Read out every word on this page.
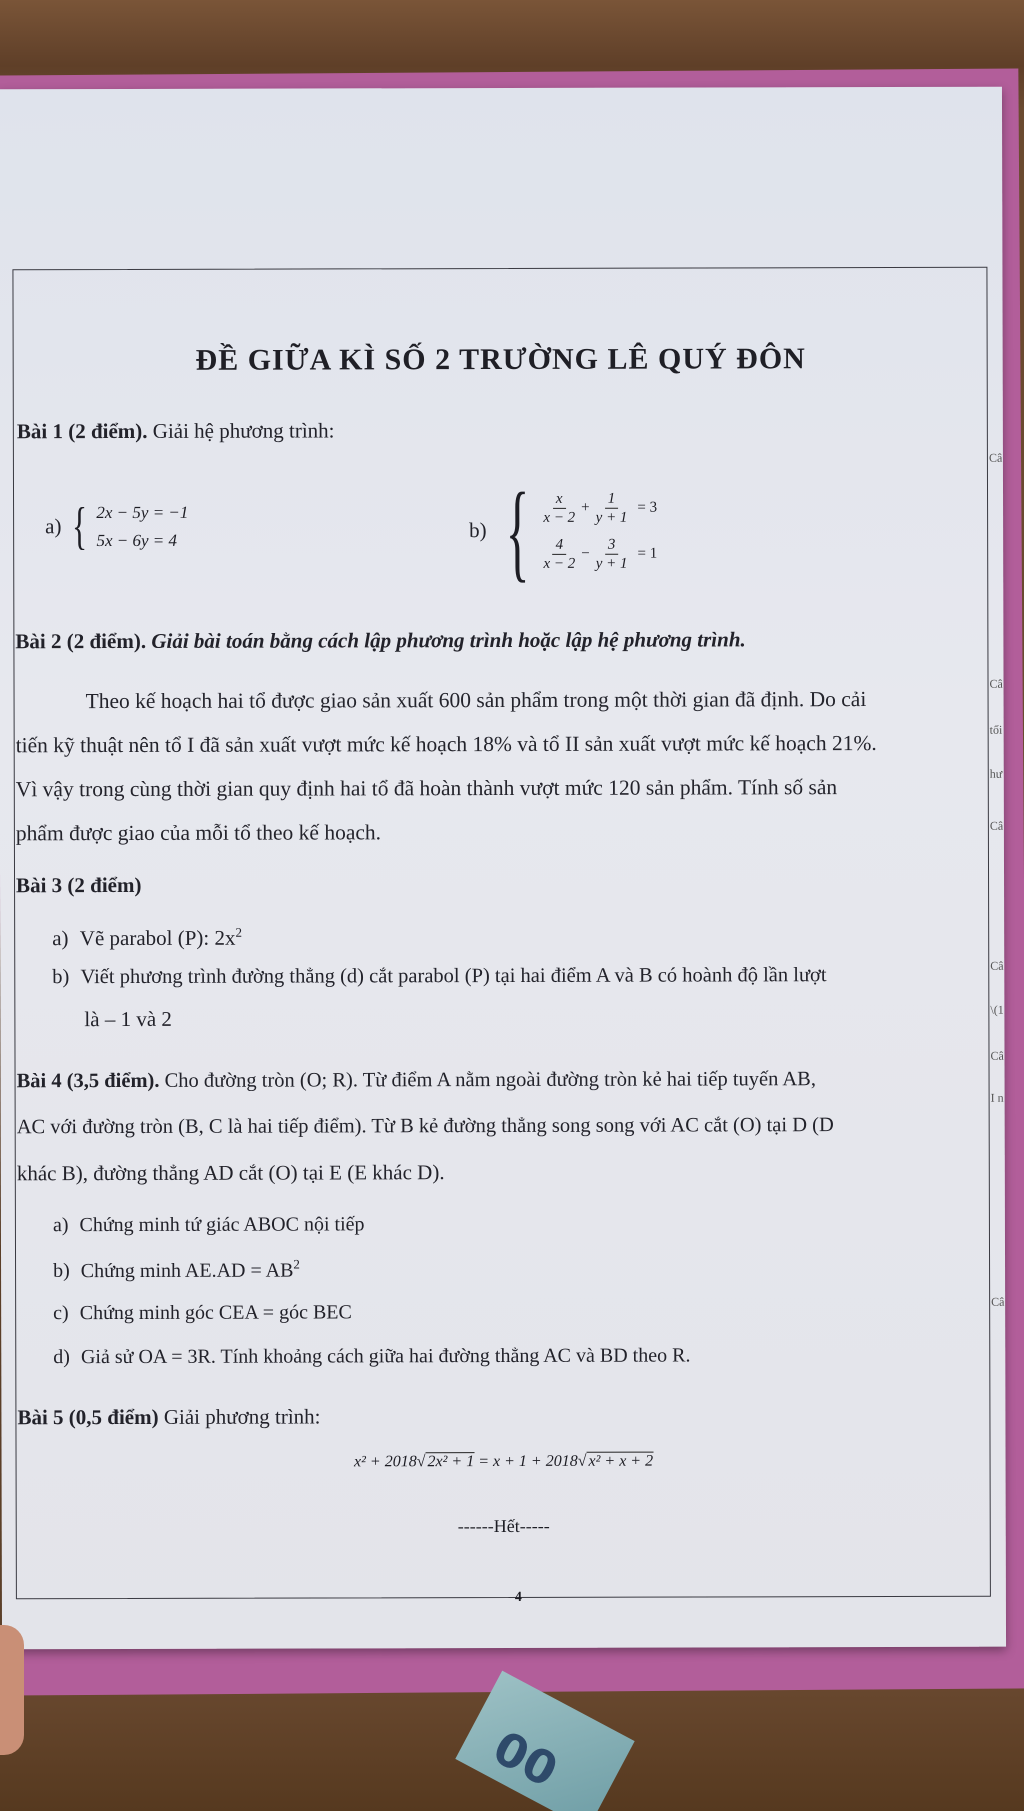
ĐỀ GIỮA KÌ SỐ 2 TRƯỜNG LÊ QUÝ ĐÔN
Bài 1 (2 điểm). Giải hệ phương trình:
a) { 2x − 5y = −1
5x − 6y = 4	b) { $\frac{x}{x - 2} + \frac{1}{y + 1} = 3$
$\frac{4}{x - 2} - \frac{3}{y + 1} = 1$
Bài 2 (2 điểm). Giải bài toán bằng cách lập phương trình hoặc lập hệ phương trình.
Theo kế hoạch hai tổ được giao sản xuất 600 sản phẩm trong một thời gian đã định. Do cải
tiến kỹ thuật nên tổ I đã sản xuất vượt mức kế hoạch 18% và tổ II sản xuất vượt mức kế hoạch 21%.
Vì vậy trong cùng thời gian quy định hai tổ đã hoàn thành vượt mức 120 sản phẩm. Tính số sản
phẩm được giao của mỗi tổ theo kế hoạch.
Bài 3 (2 điểm)
a) Vẽ parabol (P): $2x^2$
b) Viết phương trình đường thẳng (d) cắt parabol (P) tại hai điểm A và B có hoành độ lần lượt
là – 1 và 2
Bài 4 (3,5 điểm). Cho đường tròn (O; R). Từ điểm A nằm ngoài đường tròn kẻ hai tiếp tuyến AB,
AC với đường tròn (B, C là hai tiếp điểm). Từ B kẻ đường thẳng song song với AC cắt (O) tại D (D
khác B), đường thẳng AD cắt (O) tại E (E khác D).
a) Chứng minh tứ giác ABOC nội tiếp
b) Chứng minh $AE.AD = AB^2$
c) Chứng minh góc CEA = góc BEC
d) Giả sử OA = 3R. Tính khoảng cách giữa hai đường thẳng AC và BD theo R.
Bài 5 (0,5 điểm) Giải phương trình:
x² + 2018√ 2x² + 1 = x + 1 + 2018√ x² + x + 2
------Hết-----
4
Câ
Câ
tối
hư
Câ
Câ
\(1
Câ
I n
Câ
00
